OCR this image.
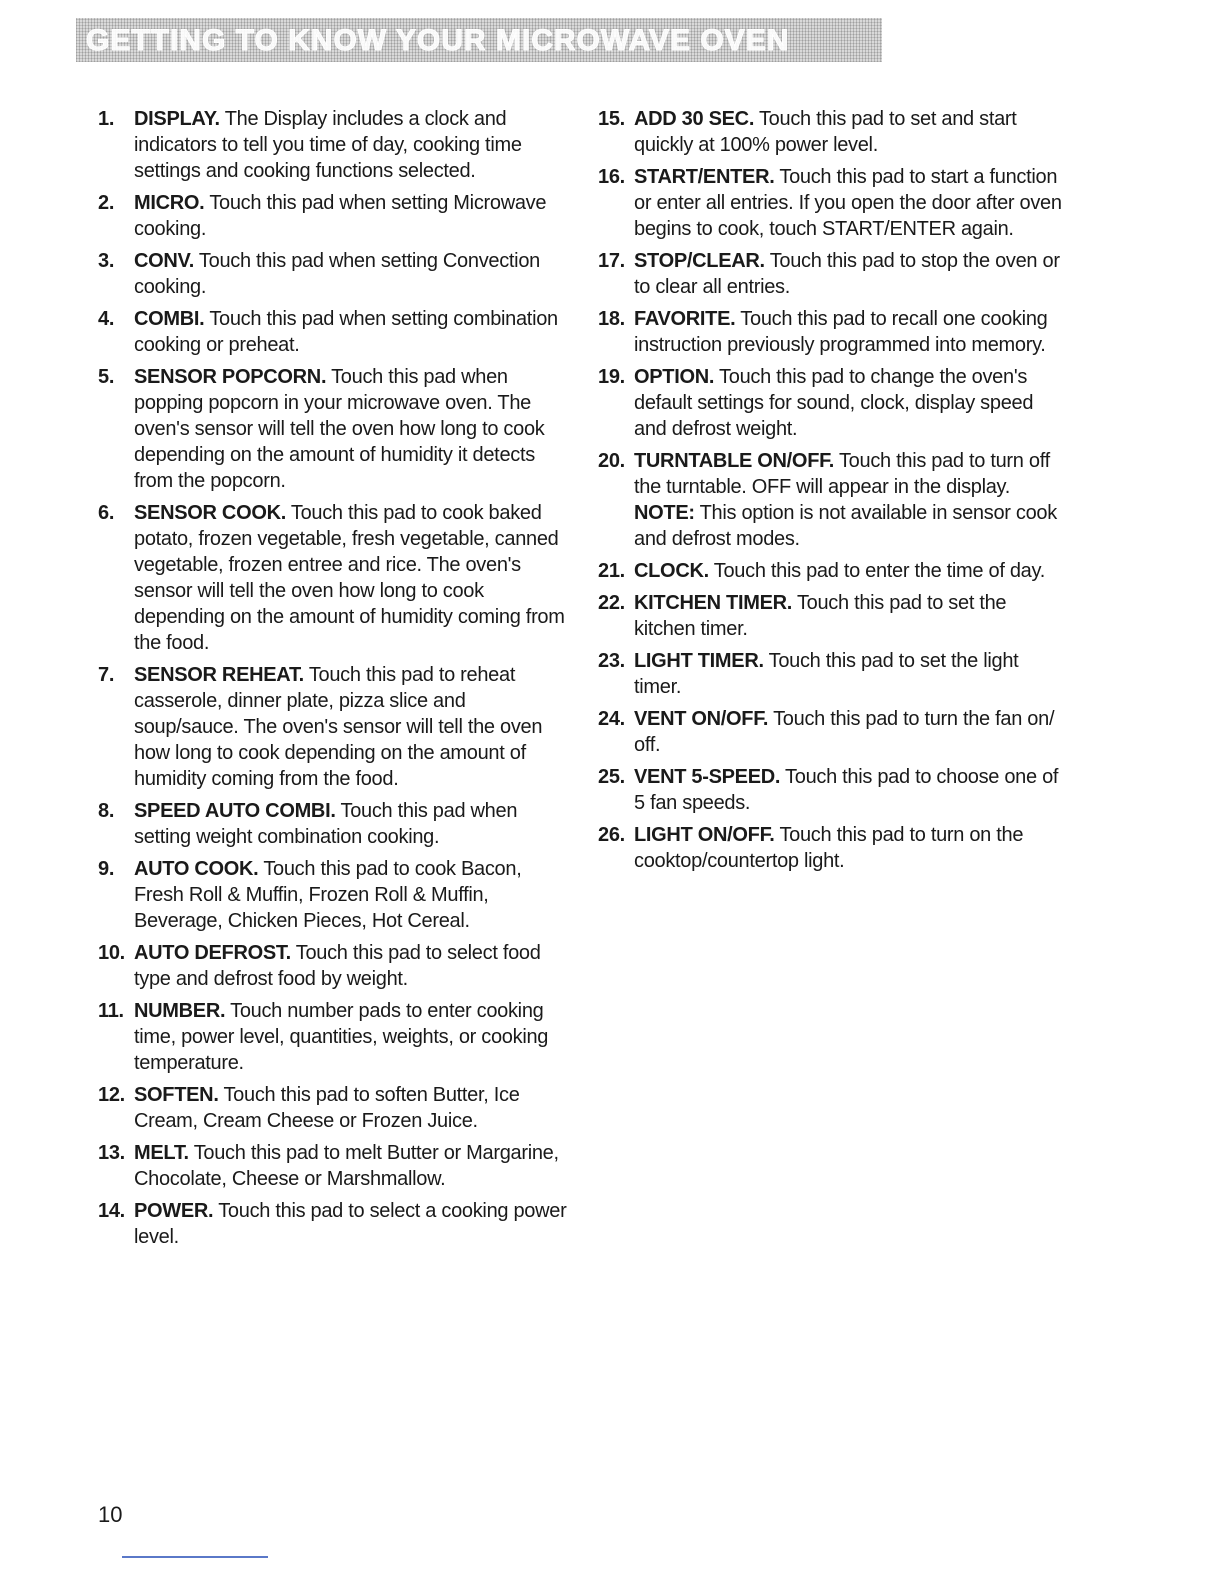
GETTING TO KNOW YOUR MICROWAVE OVEN
1. DISPLAY. The Display includes a clock and indicators to tell you time of day, cooking time settings and cooking functions selected.
2. MICRO. Touch this pad when setting Microwave cooking.
3. CONV. Touch this pad when setting Convection cooking.
4. COMBI. Touch this pad when setting combination cooking or preheat.
5. SENSOR POPCORN. Touch this pad when popping popcorn in your microwave oven. The oven's sensor will tell the oven how long to cook depending on the amount of humidity it detects from the popcorn.
6. SENSOR COOK. Touch this pad to cook baked potato, frozen vegetable, fresh vegetable, canned vegetable, frozen entree and rice. The oven's sensor will tell the oven how long to cook depending on the amount of humidity coming from the food.
7. SENSOR REHEAT. Touch this pad to reheat casserole, dinner plate, pizza slice and soup/sauce. The oven's sensor will tell the oven how long to cook depending on the amount of humidity coming from the food.
8. SPEED AUTO COMBI. Touch this pad when setting weight combination cooking.
9. AUTO COOK. Touch this pad to cook Bacon, Fresh Roll & Muffin, Frozen Roll & Muffin, Beverage, Chicken Pieces, Hot Cereal.
10. AUTO DEFROST. Touch this pad to select food type and defrost food by weight.
11. NUMBER. Touch number pads to enter cooking time, power level, quantities, weights, or cooking temperature.
12. SOFTEN. Touch this pad to soften Butter, Ice Cream, Cream Cheese or Frozen Juice.
13. MELT. Touch this pad to melt Butter or Margarine, Chocolate, Cheese or Marshmallow.
14. POWER. Touch this pad to select a cooking power level.
15. ADD 30 SEC. Touch this pad to set and start quickly at 100% power level.
16. START/ENTER. Touch this pad to start a function or enter all entries. If you open the door after oven begins to cook, touch START/ENTER again.
17. STOP/CLEAR. Touch this pad to stop the oven or to clear all entries.
18. FAVORITE. Touch this pad to recall one cooking instruction previously programmed into memory.
19. OPTION. Touch this pad to change the oven's default settings for sound, clock, display speed and defrost weight.
20. TURNTABLE ON/OFF. Touch this pad to turn off the turntable. OFF will appear in the display. NOTE: This option is not available in sensor cook and defrost modes.
21. CLOCK. Touch this pad to enter the time of day.
22. KITCHEN TIMER. Touch this pad to set the kitchen timer.
23. LIGHT TIMER. Touch this pad to set the light timer.
24. VENT ON/OFF. Touch this pad to turn the fan on/ off.
25. VENT 5-SPEED. Touch this pad to choose one of 5 fan speeds.
26. LIGHT ON/OFF. Touch this pad to turn on the cooktop/countertop light.
10
